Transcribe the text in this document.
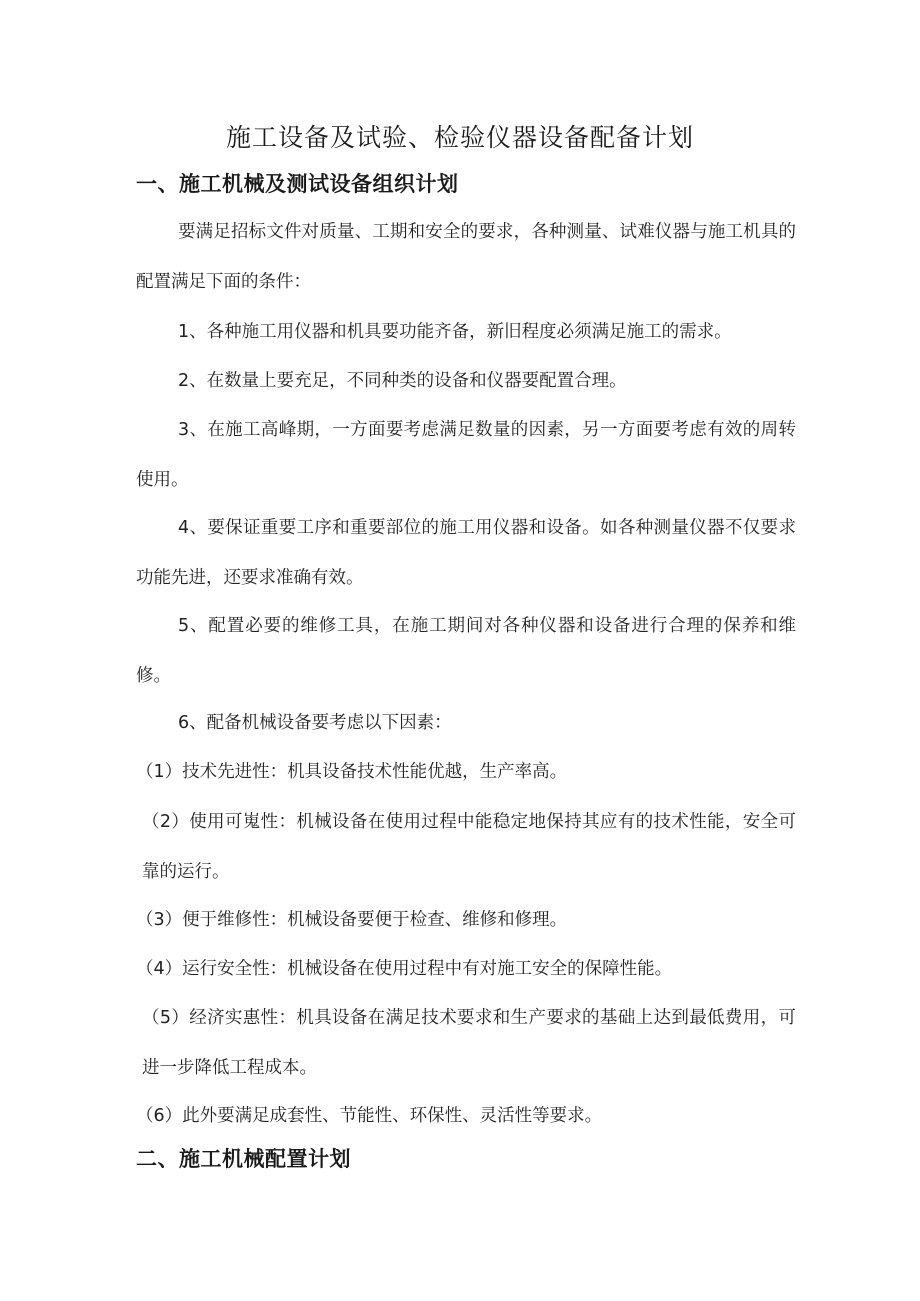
施工设备及试验、检验仪器设备配备计划
一、施工机械及测试设备组织计划
要满足招标文件对质量、工期和安全的要求，各种测量、试难仪器与施工机具的配置满足下面的条件：
1、各种施工用仪器和机具要功能齐备，新旧程度必须满足施工的需求。
2、在数量上要充足，不同种类的设备和仪器要配置合理。
3、在施工高峰期，一方面要考虑满足数量的因素，另一方面要考虑有效的周转使用。
4、要保证重要工序和重要部位的施工用仪器和设备。如各种测量仪器不仅要求功能先进，还要求准确有效。
5、配置必要的维修工具，在施工期间对各种仪器和设备进行合理的保养和维修。
6、配备机械设备要考虑以下因素：
（1）技术先进性：机具设备技术性能优越，生产率高。
（2）使用可嵬性：机械设备在使用过程中能稳定地保持其应有的技术性能，安全可靠的运行。
（3）便于维修性：机械设备要便于检查、维修和修理。
（4）运行安全性：机械设备在使用过程中有对施工安全的保障性能。
（5）经济实惠性：机具设备在满足技术要求和生产要求的基础上达到最低费用，可进一步降低工程成本。
（6）此外要满足成套性、节能性、环保性、灵活性等要求。
二、施工机械配置计划
